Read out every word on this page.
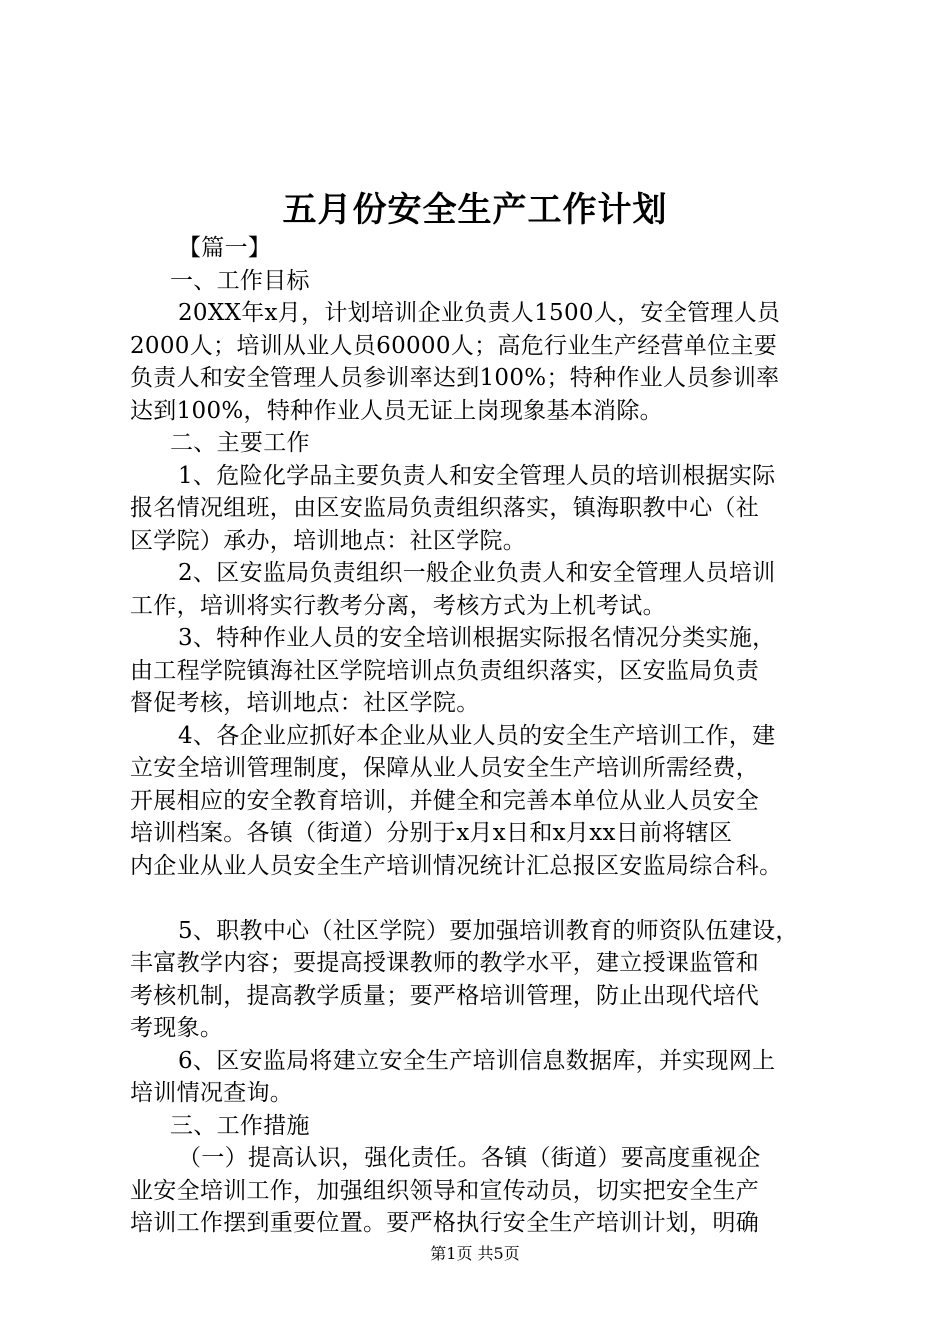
五月份安全生产工作计划
【篇一】
一、工作目标
20XX年x月，计划培训企业负责人1500人，安全管理人员
2000人；培训从业人员60000人；高危行业生产经营单位主要
负责人和安全管理人员参训率达到100%；特种作业人员参训率
达到100%，特种作业人员无证上岗现象基本消除。
二、主要工作
1、危险化学品主要负责人和安全管理人员的培训根据实际
报名情况组班，由区安监局负责组织落实，镇海职教中心（社
区学院）承办，培训地点：社区学院。
2、区安监局负责组织一般企业负责人和安全管理人员培训
工作，培训将实行教考分离，考核方式为上机考试。
3、特种作业人员的安全培训根据实际报名情况分类实施，
由工程学院镇海社区学院培训点负责组织落实，区安监局负责
督促考核，培训地点：社区学院。
4、各企业应抓好本企业从业人员的安全生产培训工作，建
立安全培训管理制度，保障从业人员安全生产培训所需经费，
开展相应的安全教育培训，并健全和完善本单位从业人员安全
培训档案。各镇（街道）分别于x月x日和x月xx日前将辖区
内企业从业人员安全生产培训情况统计汇总报区安监局综合科。
5、职教中心（社区学院）要加强培训教育的师资队伍建设，
丰富教学内容；要提高授课教师的教学水平，建立授课监管和
考核机制，提高教学质量；要严格培训管理，防止出现代培代
考现象。
6、区安监局将建立安全生产培训信息数据库，并实现网上
培训情况查询。
三、工作措施
（一）提高认识，强化责任。各镇（街道）要高度重视企
业安全培训工作，加强组织领导和宣传动员，切实把安全生产
培训工作摆到重要位置。要严格执行安全生产培训计划，明确
第1页 共5页
